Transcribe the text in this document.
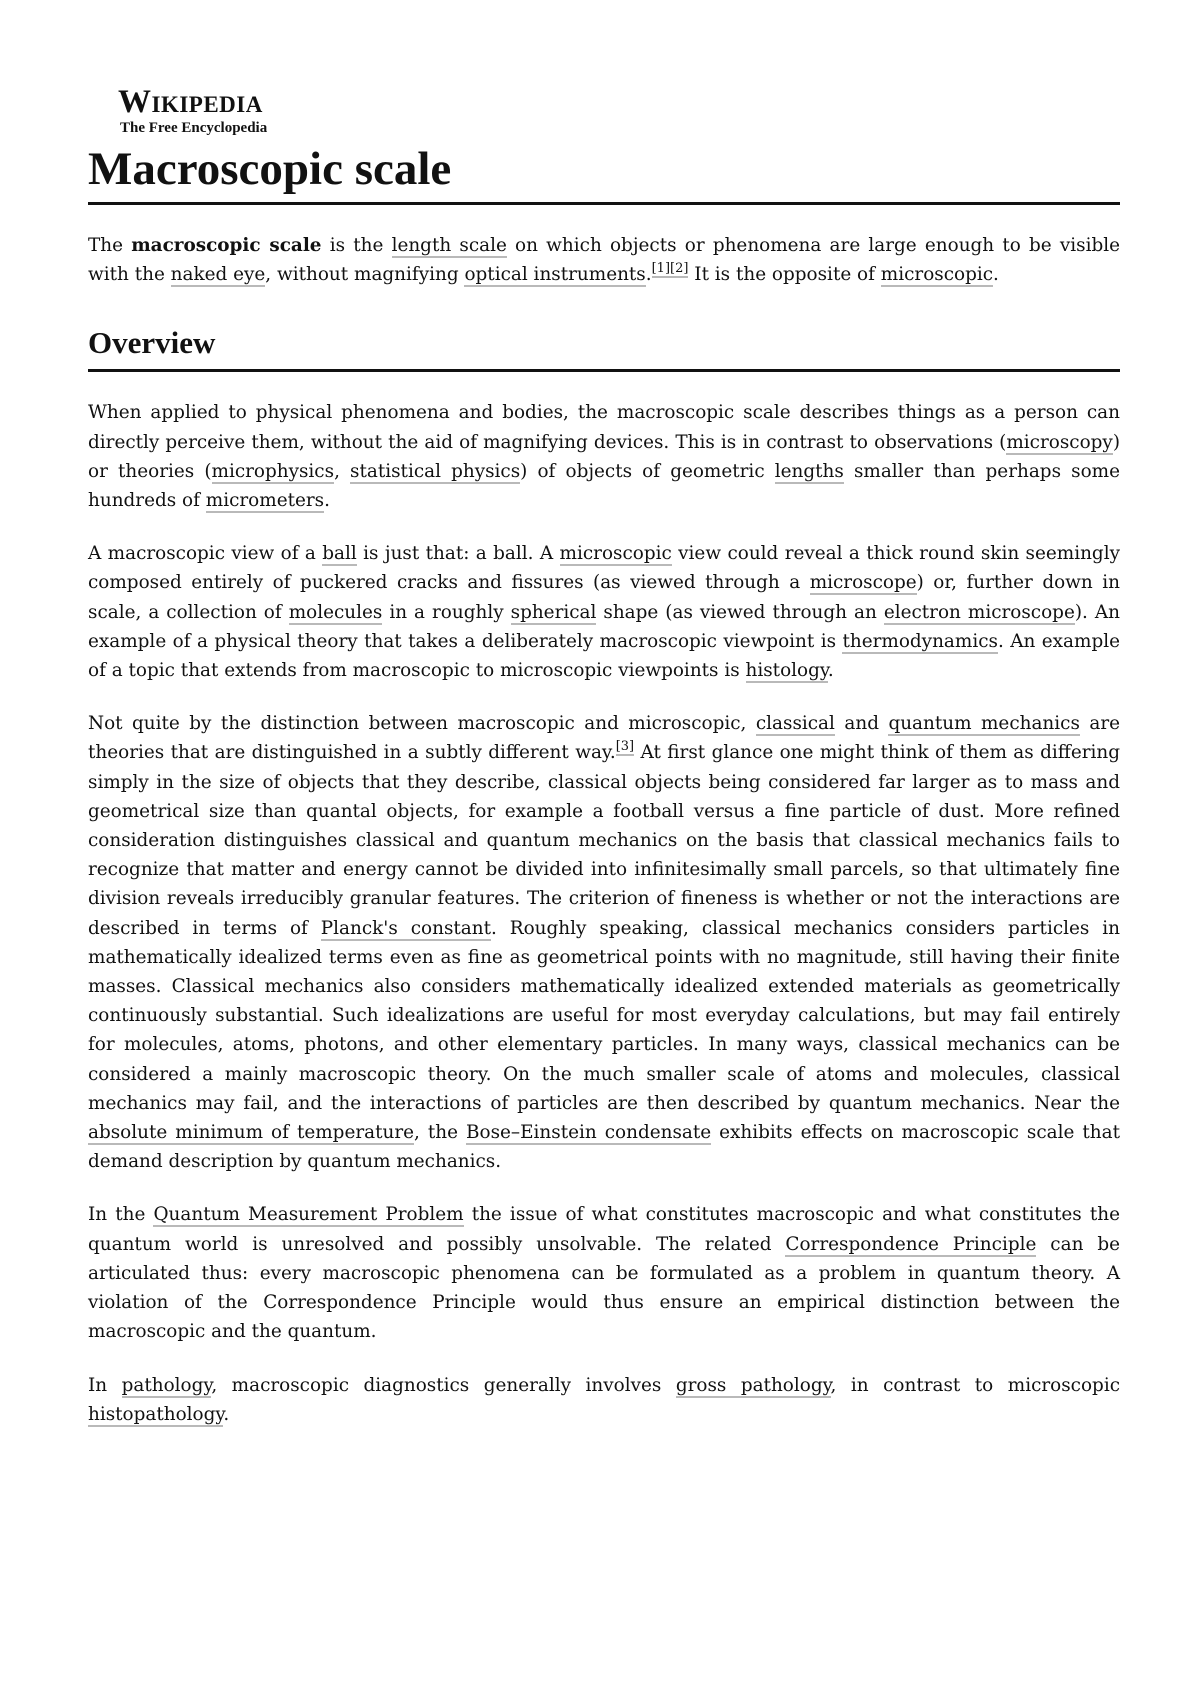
Wikipedia
The Free Encyclopedia
Macroscopic scale

The macroscopic scale is the length scale on which objects or phenomena are large enough to be visible with the naked eye, without magnifying optical instruments.[1][2] It is the opposite of microscopic.

Overview

When applied to physical phenomena and bodies, the macroscopic scale describes things as a person can directly perceive them, without the aid of magnifying devices. This is in contrast to observations (microscopy) or theories (microphysics, statistical physics) of objects of geometric lengths smaller than perhaps some hundreds of micrometers.

A macroscopic view of a ball is just that: a ball. A microscopic view could reveal a thick round skin seemingly composed entirely of puckered cracks and fissures (as viewed through a microscope) or, further down in scale, a collection of molecules in a roughly spherical shape (as viewed through an electron microscope). An example of a physical theory that takes a deliberately macroscopic viewpoint is thermodynamics. An example of a topic that extends from macroscopic to microscopic viewpoints is histology.

Not quite by the distinction between macroscopic and microscopic, classical and quantum mechanics are theories that are distinguished in a subtly different way.[3] At first glance one might think of them as differing simply in the size of objects that they describe, classical objects being considered far larger as to mass and geometrical size than quantal objects, for example a football versus a fine particle of dust. More refined consideration distinguishes classical and quantum mechanics on the basis that classical mechanics fails to recognize that matter and energy cannot be divided into infinitesimally small parcels, so that ultimately fine division reveals irreducibly granular features. The criterion of fineness is whether or not the interactions are described in terms of Planck's constant. Roughly speaking, classical mechanics considers particles in mathematically idealized terms even as fine as geometrical points with no magnitude, still having their finite masses. Classical mechanics also considers mathematically idealized extended materials as geometrically continuously substantial. Such idealizations are useful for most everyday calculations, but may fail entirely for molecules, atoms, photons, and other elementary particles. In many ways, classical mechanics can be considered a mainly macroscopic theory. On the much smaller scale of atoms and molecules, classical mechanics may fail, and the interactions of particles are then described by quantum mechanics. Near the absolute minimum of temperature, the Bose–Einstein condensate exhibits effects on macroscopic scale that demand description by quantum mechanics.

In the Quantum Measurement Problem the issue of what constitutes macroscopic and what constitutes the quantum world is unresolved and possibly unsolvable. The related Correspondence Principle can be articulated thus: every macroscopic phenomena can be formulated as a problem in quantum theory. A violation of the Correspondence Principle would thus ensure an empirical distinction between the macroscopic and the quantum.

In pathology, macroscopic diagnostics generally involves gross pathology, in contrast to microscopic histopathology.
